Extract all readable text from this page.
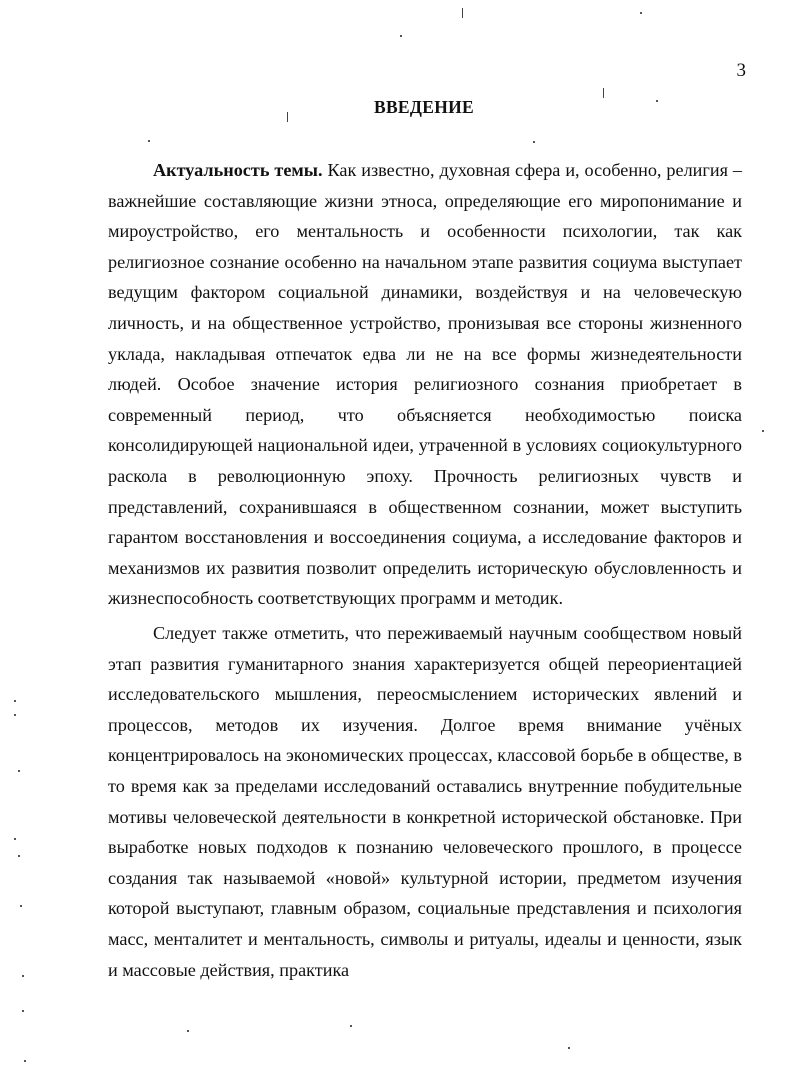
3
ВВЕДЕНИЕ

Актуальность темы. Как известно, духовная сфера и, особенно, религия – важнейшие составляющие жизни этноса, определяющие его миропонимание и мироустройство, его ментальность и особенности психологии, так как религиозное сознание особенно на начальном этапе развития социума выступает ведущим фактором социальной динамики, воздействуя и на человеческую личность, и на общественное устройство, пронизывая все стороны жизненного уклада, накладывая отпечаток едва ли не на все формы жизнедеятельности людей. Особое значение история религиозного сознания приобретает в современный период, что объясняется необходимостью поиска консолидирующей национальной идеи, утраченной в условиях социокультурного раскола в революционную эпоху. Прочность религиозных чувств и представлений, сохранившаяся в общественном сознании, может выступить гарантом восстановления и воссоединения социума, а исследование факторов и механизмов их развития позволит определить историческую обусловленность и жизнеспособность соответствующих программ и методик.

Следует также отметить, что переживаемый научным сообществом новый этап развития гуманитарного знания характеризуется общей переориентацией исследовательского мышления, переосмыслением исторических явлений и процессов, методов их изучения. Долгое время внимание учёных концентрировалось на экономических процессах, классовой борьбе в обществе, в то время как за пределами исследований оставались внутренние побудительные мотивы человеческой деятельности в конкретной исторической обстановке. При выработке новых подходов к познанию человеческого прошлого, в процессе создания так называемой «новой» культурной истории, предметом изучения которой выступают, главным образом, социальные представления и психология масс, менталитет и ментальность, символы и ритуалы, идеалы и ценности, язык и массовые действия, практика
